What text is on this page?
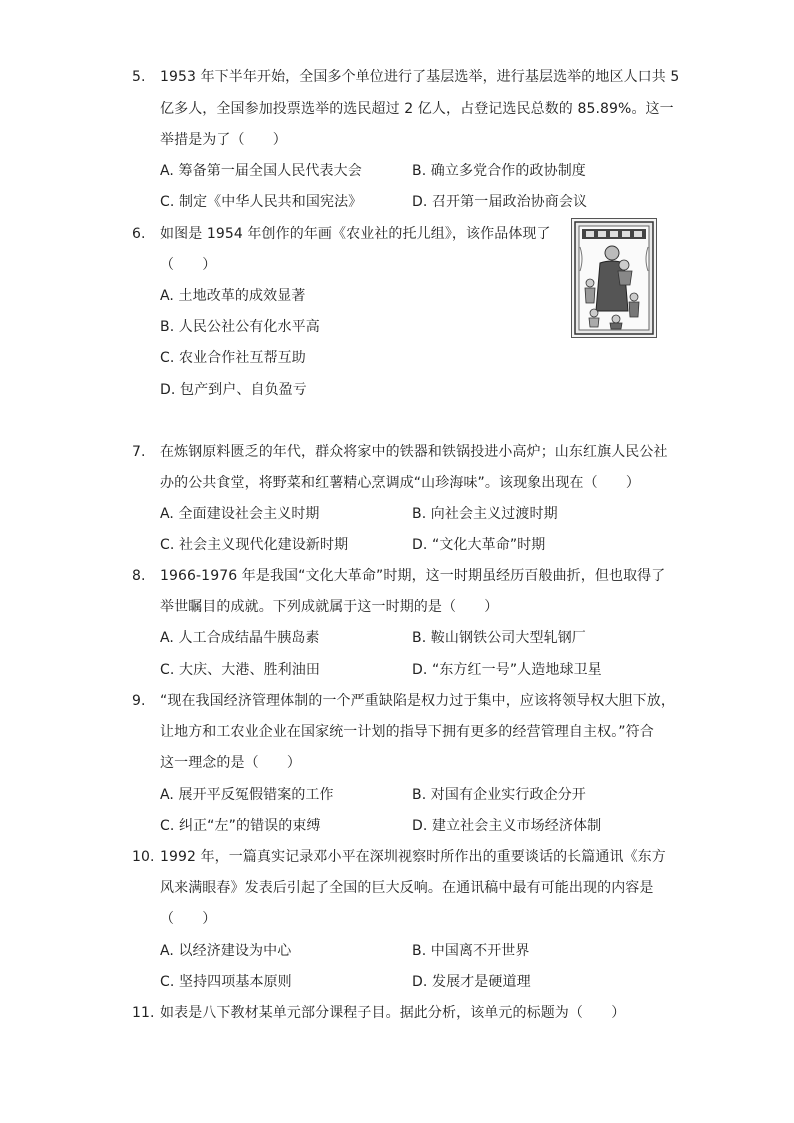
5. 1953 年下半年开始，全国多个单位进行了基层选举，进行基层选举的地区人口共 5
亿多人，全国参加投票选举的选民超过 2 亿人，占登记选民总数的 85.89%。这一
举措是为了（　　）
A. 筹备第一届全国人民代表大会	B. 确立多党合作的政协制度
C. 制定《中华人民共和国宪法》	D. 召开第一届政治协商会议
6. 如图是 1954 年创作的年画《农业社的托儿组》，该作品体现了
（　　）
A. 土地改革的成效显著
B. 人民公社公有化水平高
C. 农业合作社互帮互助
D. 包产到户、自负盈亏
7. 在炼钢原料匮乏的年代，群众将家中的铁器和铁锅投进小高炉；山东红旗人民公社
办的公共食堂，将野菜和红薯精心烹调成“山珍海味”。该现象出现在（　　）
A. 全面建设社会主义时期	B. 向社会主义过渡时期
C. 社会主义现代化建设新时期	D. “文化大革命”时期
8. 1966-1976 年是我国“文化大革命”时期，这一时期虽经历百般曲折，但也取得了
举世瞩目的成就。下列成就属于这一时期的是（　　）
A. 人工合成结晶牛胰岛素	B. 鞍山钢铁公司大型轧钢厂
C. 大庆、大港、胜利油田	D. “东方红一号”人造地球卫星
9. “现在我国经济管理体制的一个严重缺陷是权力过于集中，应该将领导权大胆下放，
让地方和工农业企业在国家统一计划的指导下拥有更多的经营管理自主权。”符合
这一理念的是（　　）
A. 展开平反冤假错案的工作	B. 对国有企业实行政企分开
C. 纠正“左”的错误的束缚	D. 建立社会主义市场经济体制
10. 1992 年，一篇真实记录邓小平在深圳视察时所作出的重要谈话的长篇通讯《东方
风来满眼春》发表后引起了全国的巨大反响。在通讯稿中最有可能出现的内容是
（　　）
A. 以经济建设为中心	B. 中国离不开世界
C. 坚持四项基本原则	D. 发展才是硬道理
11. 如表是八下教材某单元部分课程子目。据此分析，该单元的标题为（　　）
